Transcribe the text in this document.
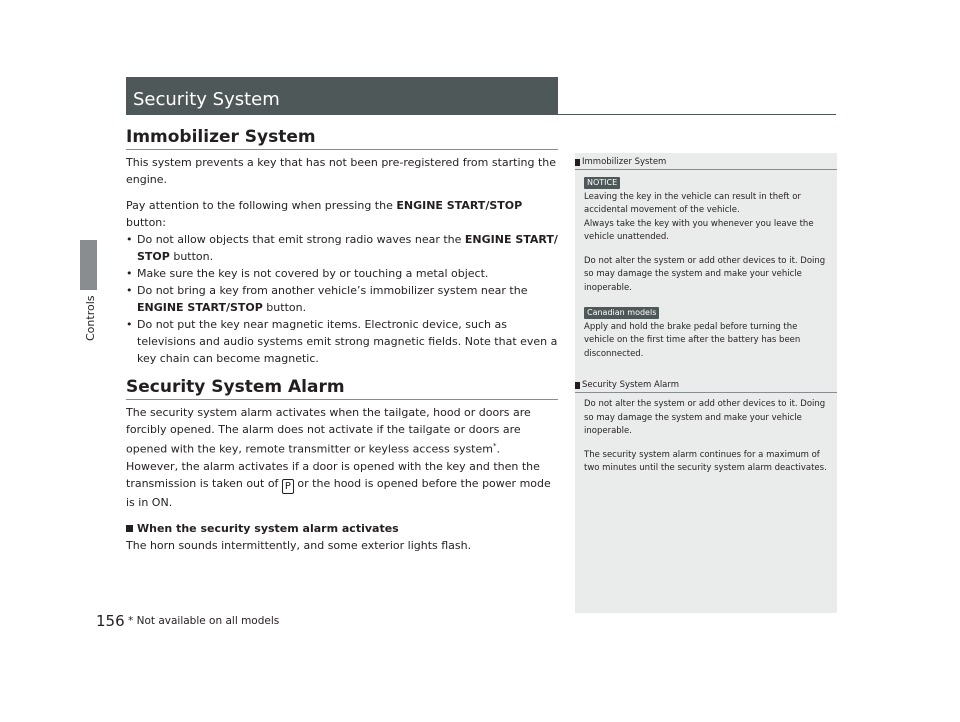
Controls
156
Security System
Immobilizer System

This system prevents a key that has not been pre-registered from starting the engine.

Pay attention to the following when pressing the ENGINE START/STOP button:

• Do not allow objects that emit strong radio waves near the ENGINE START/ STOP button.
• Make sure the key is not covered by or touching a metal object.
• Do not bring a key from another vehicle’s immobilizer system near the ENGINE START/STOP button.
• Do not put the key near magnetic items. Electronic device, such as televisions and audio systems emit strong magnetic fields. Note that even a key chain can become magnetic.
Security System Alarm

The security system alarm activates when the tailgate, hood or doors are forcibly opened. The alarm does not activate if the tailgate or doors are opened with the key, remote transmitter or keyless access system*.

However, the alarm activates if a door is opened with the key and then the transmission is taken out of P or the hood is opened before the power mode is in ON.

When the security system alarm activates

The horn sounds intermittently, and some exterior lights flash.

Immobilizer System
NOTICE

Leaving the key in the vehicle can result in theft or accidental movement of the vehicle.

Always take the key with you whenever you leave the vehicle unattended.

Do not alter the system or add other devices to it. Doing so may damage the system and make your vehicle inoperable.

Canadian models

Apply and hold the brake pedal before turning the vehicle on the first time after the battery has been disconnected.

Security System Alarm

Do not alter the system or add other devices to it. Doing so may damage the system and make your vehicle inoperable.

The security system alarm continues for a maximum of two minutes until the security system alarm deactivates.

* Not available on all models
